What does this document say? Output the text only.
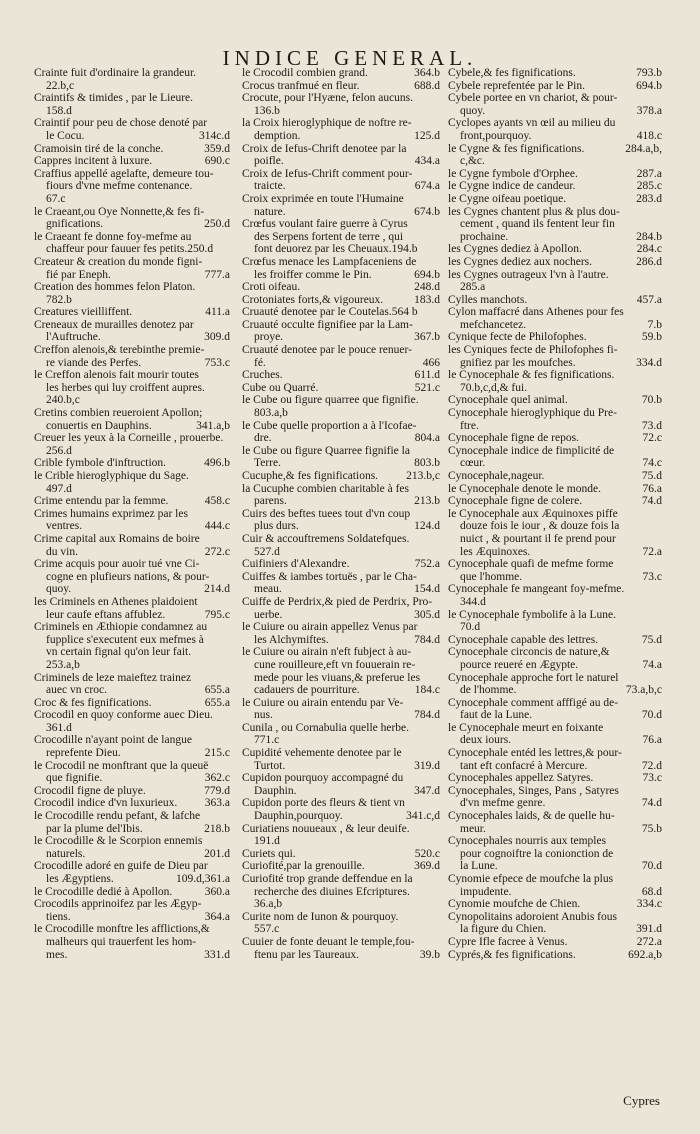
INDICE GENERAL.
Crainte fuit d'ordinaire la grandeur.
22.b,c
Craintifs & timides , par le Lieure.
158.d
Craintif pour peu de chose denoté par
le Cocu.	314c.d
Cramoisin tiré de la conche.	359.d
Cappres incitent à luxure.	690.c
Craffius appellé agelafte, demeure tou-
fiours d'vne mefme contenance.
67.c
le Craeant,ou Oye Nonnette,& fes fi-
gnifications.	250.d
le Craeant fe donne foy-mefme au
chaffeur pour fauuer fes petits.250.d
Createur & creation du monde figni-
fié par Eneph.	777.a
Creation des hommes felon Platon.
782.b
Creatures vieilliffent.	411.a
Creneaux de murailles denotez par
l'Auftruche.	309.d
Creffon alenois,& terebinthe premie-
re viande des Perfes.	753.c
le Creffon alenois fait mourir toutes
les herbes qui luy croiffent aupres.
240.b,c
Cretins combien reueroient Apollon;
conuertis en Dauphins.	341.a,b
Creuer les yeux à la Corneille , prouerbe.
256.d
Crible fymbole d'inftruction.	496.b
le Crible hieroglyphique du Sage.
497.d
Crime entendu par la femme.	458.c
Crimes humains exprimez par les
ventres.	444.c
Crime capital aux Romains de boire
du vin.	272.c
Crime acquis pour auoir tué vne Ci-
cogne en plufieurs nations, & pour-
quoy.	214.d
les Criminels en Athenes plaidoient
leur caufe eftans affublez.	795.c
Criminels en Æthiopie condamnez au
fupplice s'executent eux mefmes à
vn certain fignal qu'on leur fait.
253.a,b
Criminels de leze maieftez trainez
auec vn croc.	655.a
Croc & fes fignifications.	655.a
Crocodil en quoy conforme auec Dieu.
361.d
Crocodille n'ayant point de langue
reprefente Dieu.	215.c
le Crocodil ne monftrant que la queuë
que fignifie.	362.c
Crocodil figne de pluye.	779.d
Crocodil indice d'vn luxurieux. 363.a
le Crocodille rendu pefant, & lafche
par la plume del'Ibis.	218.b
le Crocodille & le Scorpion ennemis
naturels.	201.d
Crocodille adoré en guife de Dieu par
les Ægyptiens.	109.d,361.a
le Crocodille dedié à Apollon.	360.a
Crocodils apprinoifez par les Ægyp-
tiens.	364.a
le Crocodille monftre les afflictions,&
malheurs qui trauerfent les hom-
mes.	331.d
le Crocodil combien grand.	364.b
Crocus tranfmué en fleur.	688.d
Crocute, pour l'Hyæne, felon aucuns.
136.b
la Croix hieroglyphique de noftre re-
demption.	125.d
Croix de Iefus-Chrift denotee par la
poifle.	434.a
Croix de Iefus-Chrift comment pour-
traicte.	674.a
Croix exprimée en toute l'Humaine
nature.	674.b
Crœfus voulant faire guerre à Cyrus
des Serpens fortent de terre , qui
font deuorez par les Cheuaux.194.b
Crœfus menace les Lampfaceniens de
les froiffer comme le Pin.	694.b
Croti oifeau.	248.d
Crotoniates forts,& vigoureux.	183.d
Cruauté denotee par le Coutelas.564 b
Cruauté occulte fignifiee par la Lam-
proye.	367.b
Cruauté denotee par le pouce renuer-
fé.	466
Cruches.	611.d
Cube ou Quarré.	521.c
le Cube ou figure quarree que fignifie.
803.a,b
le Cube quelle proportion a à l'Icofae-
dre.	804.a
le Cube ou figure Quarree fignifie la
Terre.	803.b
Cucuphe,& fes fignifications. 213.b,c
la Cucuphe combien charitable à fes
parens.	213.b
Cuirs des beftes tuees tout d'vn coup
plus durs.	124.d
Cuir & accouftremens Soldatefques.
527.d
Cuifiniers d'Alexandre.	752.a
Cuiffes & iambes tortuës , par le Cha-
meau.	154.d
Cuiffe de Perdrix,& pied de Perdrix, Pro-
uerbe.	305.d
le Cuiure ou airain appellez Venus par
les Alchymiftes.	784.d
le Cuiure ou airain n'eft fubject à au-
cune rouilleure,eft vn fouuerain re-
mede pour les viuans,& preferue les
cadauers de pourriture.	184.c
le Cuiure ou airain entendu par Ve-
nus.	784.d
Cunila , ou Cornabulia quelle herbe.
771.c
Cupidité vehemente denotee par le
Turtot.	319.d
Cupidon pourquoy accompagné du
Dauphin.	347.d
Cupidon porte des fleurs & tient vn
Dauphin,pourquoy.	341.c,d
Curiatiens nouueaux , & leur deuife.
191.d
Curiets qui.	520.c
Curiofité,par la grenouille.	369.d
Curiofité trop grande deffendue en la
recherche des diuines Efcriptures.
36.a,b
Curite nom de Iunon & pourquoy.
557.c
Cuuier de fonte deuant le temple,fou-
ftenu par les Taureaux.	39.b
Cybele,& fes fignifications.	793.b
Cybele reprefentée par le Pin.	694.b
Cybele portee en vn chariot, & pour-
quoy.	378.a
Cyclopes ayants vn œil au milieu du
front,pourquoy.	418.c
le Cygne & fes fignifications.	284.a,b,
c,&c.
le Cygne fymbole d'Orphee.	287.a
le Cygne indice de candeur.	285.c
le Cygne oifeau poetique.	283.d
les Cygnes chantent plus & plus dou-
cement , quand ils fentent leur fin
prochaine.	284.b
les Cygnes dediez à Apollon.	284.c
les Cygnes dediez aux nochers.	286.d
les Cygnes outrageux l'vn à l'autre.
285.a
Cylles manchots.	457.a
Cylon maffacré dans Athenes pour fes
mefchancetez.	7.b
Cynique fecte de Philofophes.	59.b
les Cyniques fecte de Philofophes fi-
gnifiez par les moufches.	334.d
le Cynocephale & fes fignifications.
70.b,c,d,& fui.
Cynocephale quel animal.	70.b
Cynocephale hieroglyphique du Pre-
ftre.	73.d
Cynocephale figne de repos.	72.c
Cynocephale indice de fimplicité de
cœur.	74.c
Cynocephale,nageur.	75.d
le Cynocephale denote le monde.	76.a
Cynocephale figne de colere.	74.d
le Cynocephale aux Æquinoxes piffe
douze fois le iour , & douze fois la
nuict , & pourtant il fe prend pour
les Æquinoxes.	72.a
Cynocephale quafi de mefme forme
que l'homme.	73.c
Cynocephale fe mangeant foy-mefme.
344.d
le Cynocephale fymbolife à la Lune.
70.d
Cynocephale capable des lettres.	75.d
Cynocephale circoncis de nature,&
pource reueré en Ægypte.	74.a
Cynocephale approche fort le naturel
de l'homme.	73.a,b,c
Cynocephale comment afffigé au de-
faut de la Lune.	70.d
le Cynocephale meurt en foixante
deux iours.	76.a
Cynocephale entéd les lettres,& pour-
tant eft confacré à Mercure.	72.d
Cynocephales appellez Satyres.	73.c
Cynocephales, Singes, Pans , Satyres
d'vn mefme genre.	74.d
Cynocephales laids, & de quelle hu-
meur.	75.b
Cynocephales nourris aux temples
pour cognoiftre la conionction de
la Lune.	70.d
Cynomie efpece de moufche la plus
impudente.	68.d
Cynomie moufche de Chien.	334.c
Cynopolitains adoroient Anubis fous
la figure du Chien.	391.d
Cypre Ifle facree à Venus.	272.a
Cyprés,& fes fignifications.	692.a,b
Cypres
